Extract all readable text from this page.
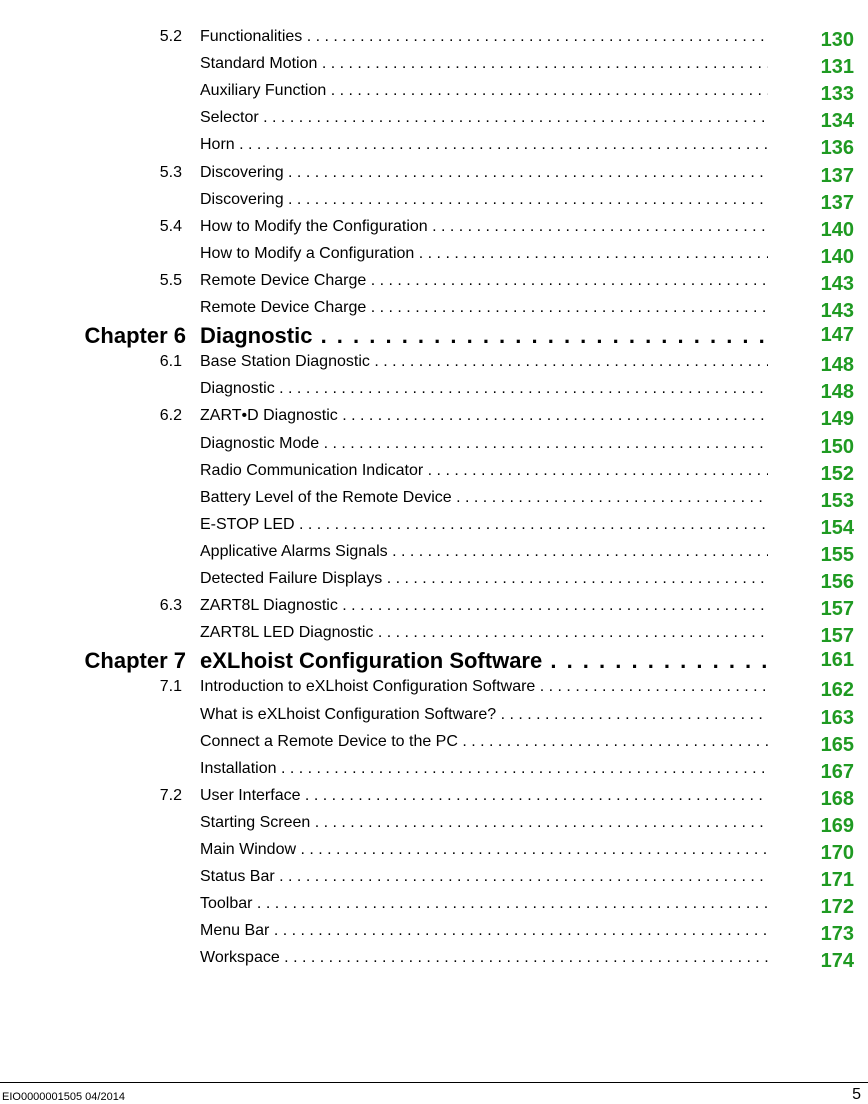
5.2 Functionalities . . .	130
Standard Motion . . .	131
Auxiliary Function . . .	133
Selector . . .	134
Horn . . .	136
5.3 Discovering . . .	137
Discovering . . .	137
5.4 How to Modify the Configuration . . .	140
How to Modify a Configuration . . .	140
5.5 Remote Device Charge . . .	143
Remote Device Charge . . .	143
Chapter 6 Diagnostic . . .	147
6.1 Base Station Diagnostic . . .	148
Diagnostic . . .	148
6.2 ZART•D Diagnostic . . .	149
Diagnostic Mode . . .	150
Radio Communication Indicator . . .	152
Battery Level of the Remote Device . . .	153
E-STOP LED . . .	154
Applicative Alarms Signals . . .	155
Detected Failure Displays . . .	156
6.3 ZART8L Diagnostic . . .	157
ZART8L LED Diagnostic . . .	157
Chapter 7 eXLhoist Configuration Software . . .	161
7.1 Introduction to eXLhoist Configuration Software . . .	162
What is eXLhoist Configuration Software? . . .	163
Connect a Remote Device to the PC . . .	165
Installation . . .	167
7.2 User Interface . . .	168
Starting Screen . . .	169
Main Window . . .	170
Status Bar . . .	171
Toolbar . . .	172
Menu Bar . . .	173
Workspace . . .	174
EIO0000001505 04/2014	5
